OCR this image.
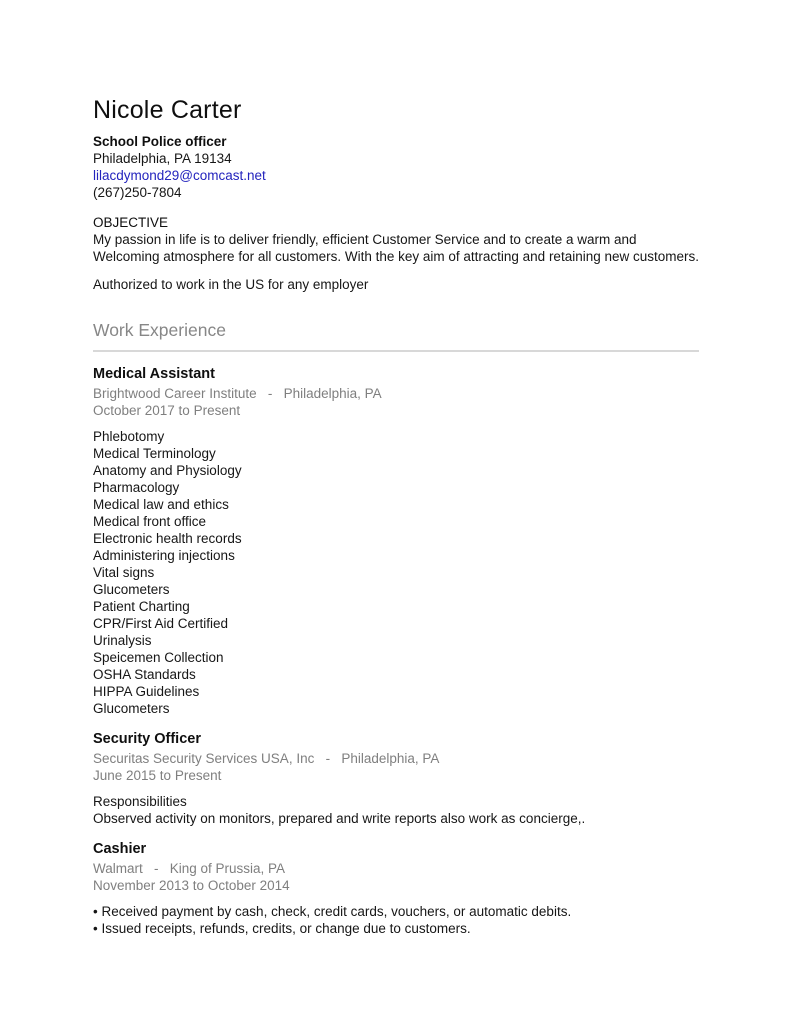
Nicole Carter
School Police officer
Philadelphia, PA 19134
lilacdymond29@comcast.net
(267)250-7804
OBJECTIVE

My passion in life is to deliver friendly, efficient Customer Service and to create a warm and Welcoming atmosphere for all customers. With the key aim of attracting and retaining new customers.

Authorized to work in the US for any employer

Work Experience
Medical Assistant
Brightwood Career Institute   -   Philadelphia, PA
October 2017 to Present
Phlebotomy
Medical Terminology
Anatomy and Physiology
Pharmacology
Medical law and ethics
Medical front office
Electronic health records
Administering injections
Vital signs
Glucometers
Patient Charting
CPR/First Aid Certified
Urinalysis
Speicemen Collection
OSHA Standards
HIPPA Guidelines
Glucometers
Security Officer
Securitas Security Services USA, Inc   -   Philadelphia, PA
June 2015 to Present
Responsibilities
Observed activity on monitors, prepared and write reports also work as concierge,.
Cashier
Walmart   -   King of Prussia, PA
November 2013 to October 2014
• Received payment by cash, check, credit cards, vouchers, or automatic debits.
• Issued receipts, refunds, credits, or change due to customers.
